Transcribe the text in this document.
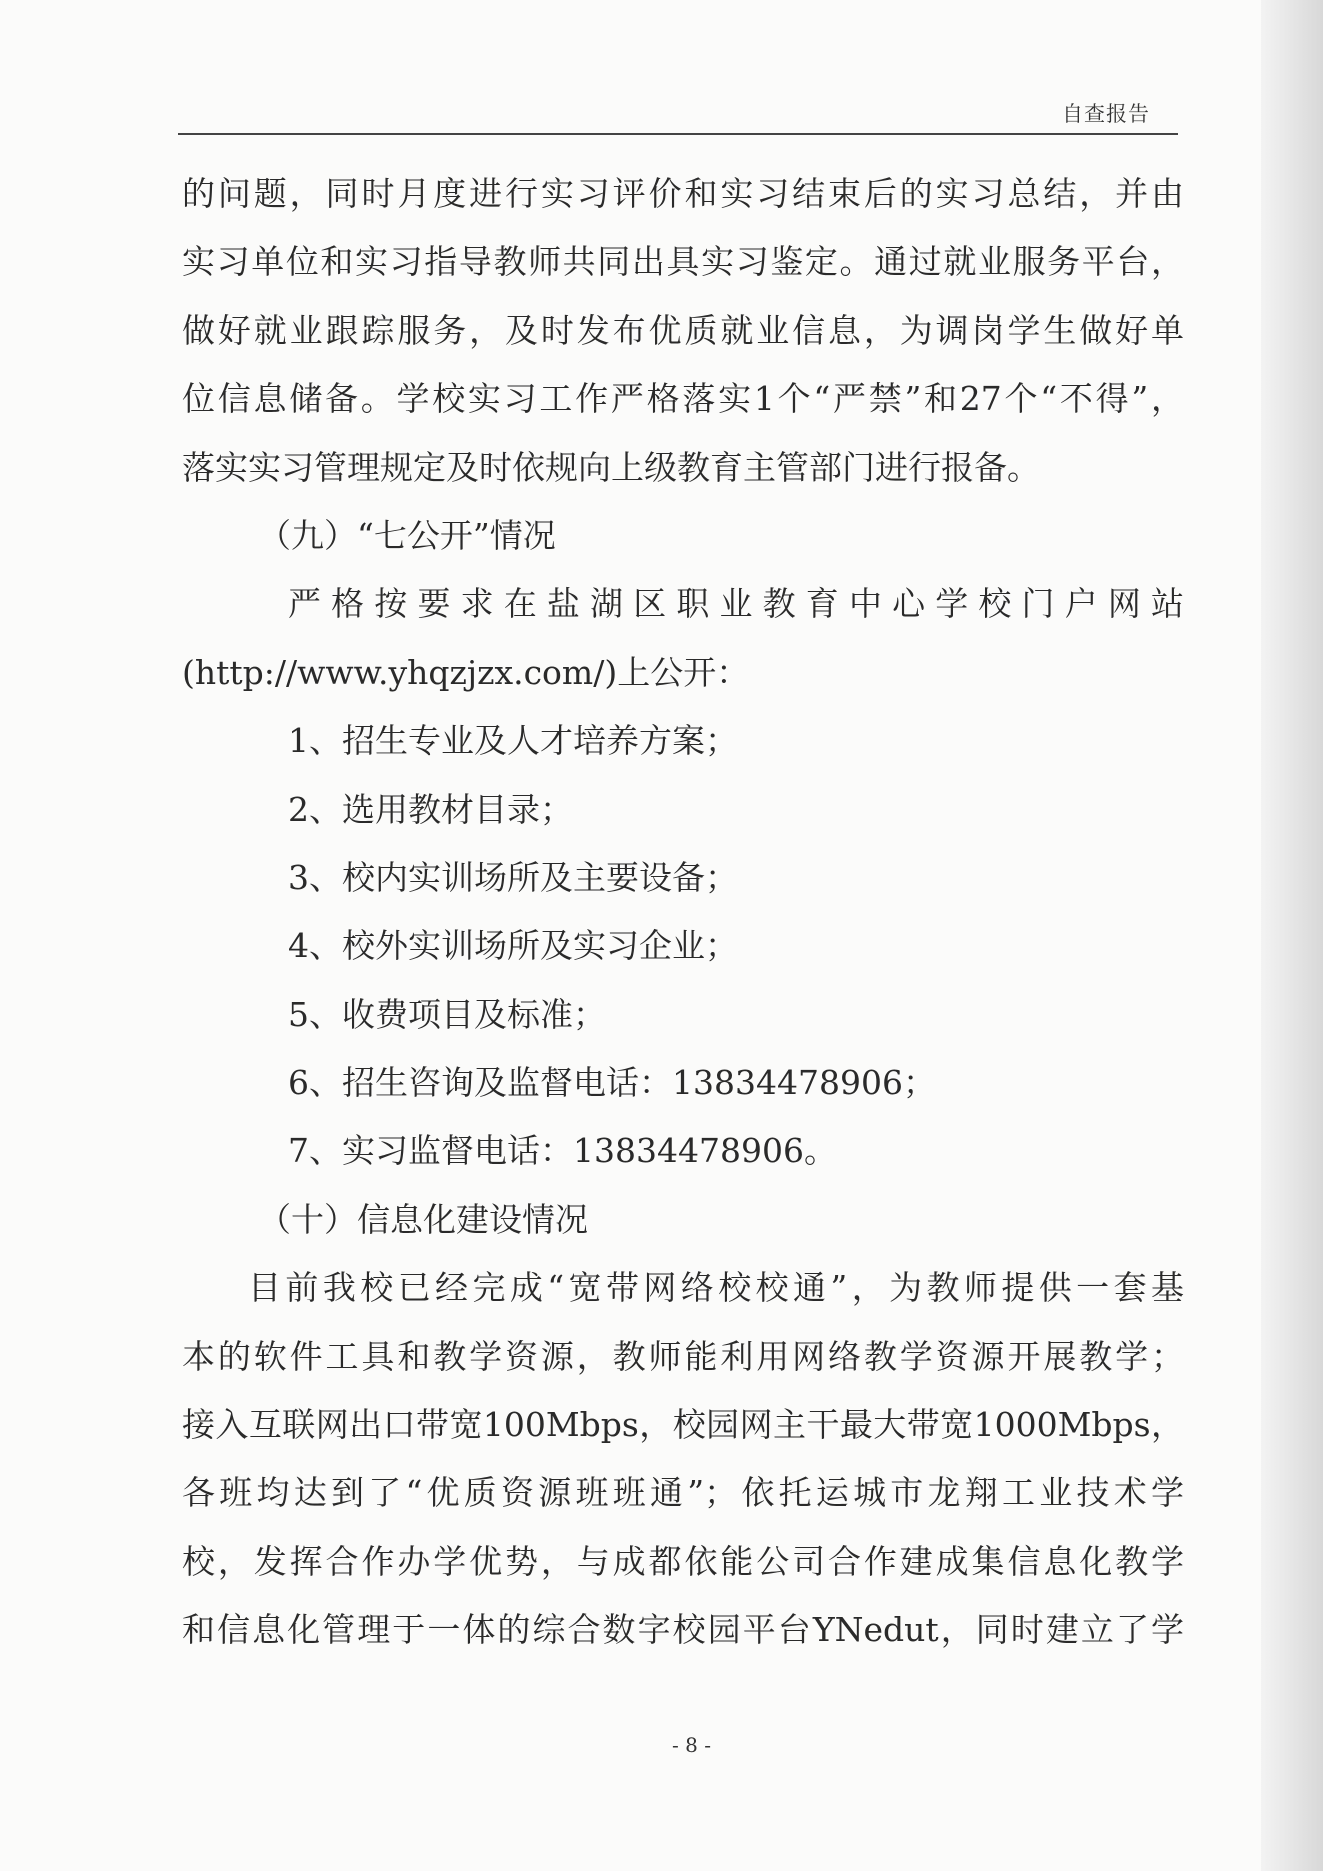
自查报告
的问题，同时月度进行实习评价和实习结束后的实习总结，并由
实习单位和实习指导教师共同出具实习鉴定。通过就业服务平台，
做好就业跟踪服务，及时发布优质就业信息，为调岗学生做好单
位信息储备。学校实习工作严格落实1个“严禁”和27个“不得”，
落实实习管理规定及时依规向上级教育主管部门进行报备。
（九）“七公开”情况
严格按要求在盐湖区职业教育中心学校门户网站
(http://www.yhqzjzx.com/)上公开：
1、招生专业及人才培养方案；
2、选用教材目录；
3、校内实训场所及主要设备；
4、校外实训场所及实习企业；
5、收费项目及标准；
6、招生咨询及监督电话：13834478906；
7、实习监督电话：13834478906。
（十）信息化建设情况
目前我校已经完成“宽带网络校校通”，为教师提供一套基
本的软件工具和教学资源，教师能利用网络教学资源开展教学；
接入互联网出口带宽100Mbps，校园网主干最大带宽1000Mbps，
各班均达到了“优质资源班班通”；依托运城市龙翔工业技术学
校，发挥合作办学优势，与成都依能公司合作建成集信息化教学
和信息化管理于一体的综合数字校园平台YNedut，同时建立了学
- 8 -
